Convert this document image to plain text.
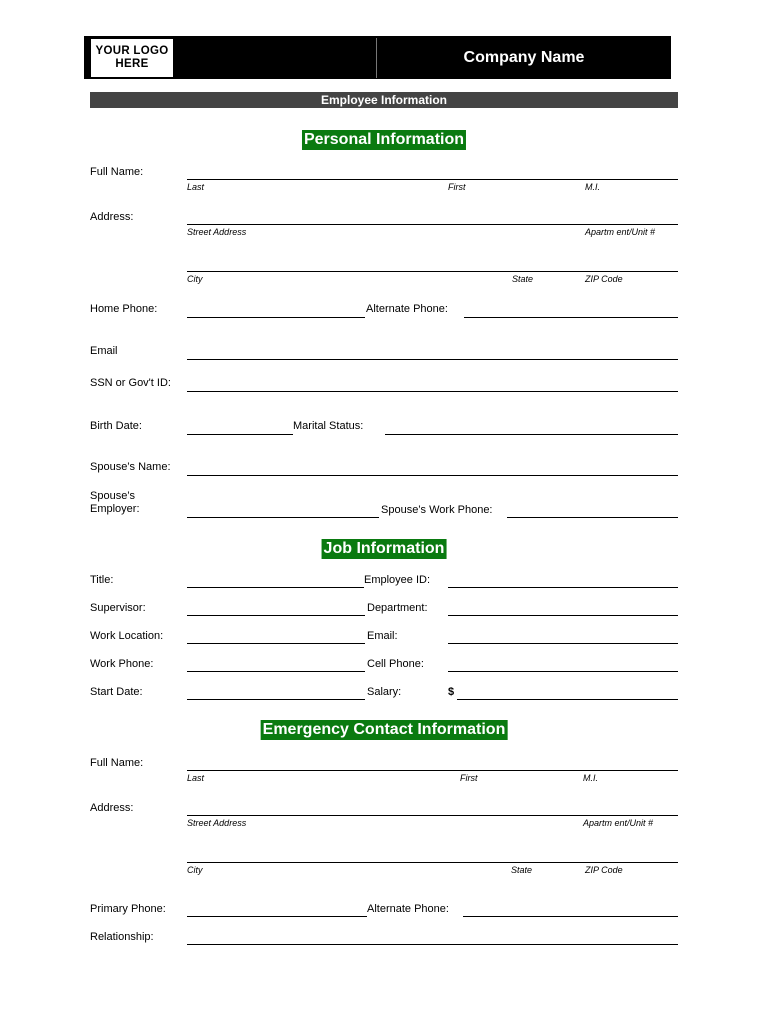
YOUR LOGO
HERE	Company Name
Employee Information
Personal Information
Full Name:
Last	First	M.I.
Address:
Street Address	Apartm ent/Unit #
City	State	ZIP Code
Home Phone:	Alternate Phone:
Email
SSN or Gov't ID:
Birth Date:	Marital Status:
Spouse’s Name:
Spouse’s Employer:	Spouse’s Work Phone:
Job Information
Title:	Employee ID:
Supervisor:	Department:
Work Location:	Email:
Work Phone:	Cell Phone:
Start Date:	Salary:	$
Emergency Contact Information
Full Name:
Last	First	M.I.
Address:
Street Address	Apartm ent/Unit #
City	State	ZIP Code
Primary Phone:	Alternate Phone:
Relationship:
